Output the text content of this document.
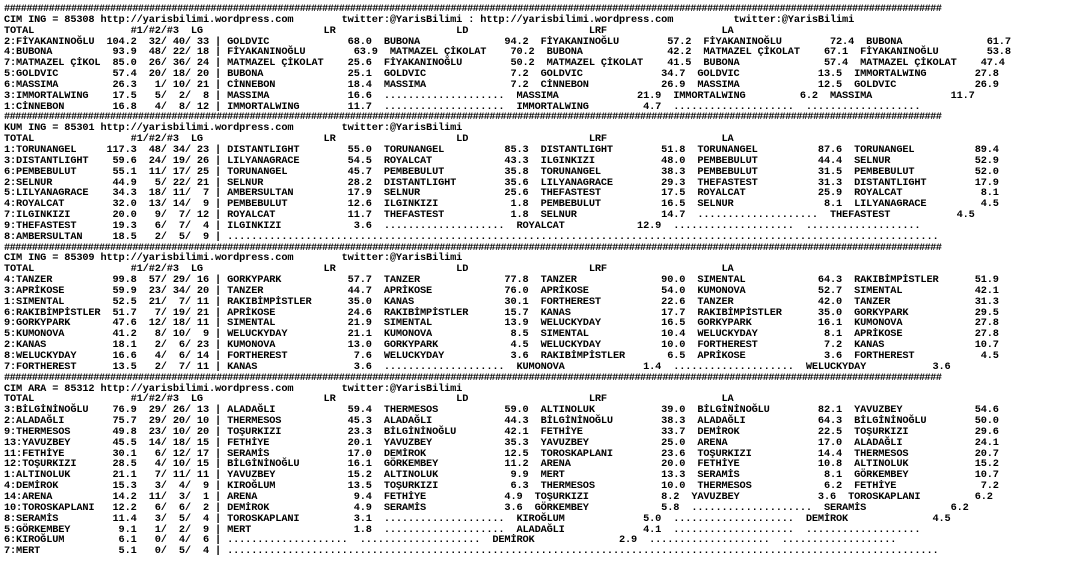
########################################################################################################################################################################
CIM ING = 85308 http://yarisbilimi.wordpress.com        twitter:@YarisBilimi : http://yarisbilimi.wordpress.com          twitter:@YarisBilimi
TOTAL                #1/#2/#3  LG                    LR                    LD                    LRF                   LA
2:FİYAKANINOĞLU  104.2  32/ 40/ 33 | GOLDVIC             68.0  BUBONA              94.2  FİYAKANINOĞLU        57.2  FİYAKANINOĞLU        72.4  BUBONA              61.7
4:BUBONA          93.9  48/ 22/ 18 | FİYAKANINOĞLU        63.9  MATMAZEL ÇİKOLAT    70.2  BUBONA              42.2  MATMAZEL ÇİKOLAT    67.1  FİYAKANINOĞLU        53.8
7:MATMAZEL ÇİKOL  85.0  26/ 36/ 24 | MATMAZEL ÇİKOLAT    25.6  FİYAKANINOĞLU        50.2  MATMAZEL ÇİKOLAT    41.5  BUBONA              57.4  MATMAZEL ÇİKOLAT    47.4
5:GOLDVIC         57.4  20/ 18/ 20 | BUBONA              25.1  GOLDVIC              7.2  GOLDVIC             34.7  GOLDVIC             13.5  IMMORTALWING        27.8
6:MASSIMA         26.3   1/ 10/ 21 | CİNNEBON            18.4  MASSIMA              7.2  CİNNEBON            26.9  MASSIMA             12.5  GOLDVIC             26.9
3:IMMORTALWING    17.5   5/  2/  8 | MASSIMA             16.6  ....................  MASSIMA             21.9  IMMORTALWING         6.2  MASSIMA             11.7
1:CİNNEBON        16.8   4/  8/ 12 | IMMORTALWING        11.7  ....................  IMMORTALWING         4.7  ....................  ...................
########################################################################################################################################################################
KUM ING = 85301 http://yarisbilimi.wordpress.com        twitter:@YarisBilimi
TOTAL                #1/#2/#3  LG                    LR                    LD                    LRF                   LA
1:TORUNANGEL     117.3  48/ 34/ 23 | DISTANTLIGHT        55.0  TORUNANGEL          85.3  DISTANTLIGHT        51.8  TORUNANGEL          87.6  TORUNANGEL          89.4
3:DISTANTLIGHT    59.6  24/ 19/ 26 | LILYANAGRACE        54.5  ROYALCAT            43.3  ILGINKIZI           48.0  PEMBEBULUT          44.4  SELNUR              52.9
6:PEMBEBULUT      55.1  11/ 17/ 25 | TORUNANGEL          45.7  PEMBEBULUT          35.8  TORUNANGEL          38.3  PEMBEBULUT          31.5  PEMBEBULUT          52.0
2:SELNUR          44.9   5/ 22/ 21 | SELNUR              28.2  DISTANTLIGHT        35.6  LILYANAGRACE        29.3  THEFASTEST          31.3  DISTANTLIGHT        17.9
5:LILYANAGRACE    34.3  18/ 11/  7 | AMBERSULTAN         17.9  SELNUR              25.6  THEFASTEST          17.5  ROYALCAT            25.9  ROYALCAT             8.1
4:ROYALCAT        32.0  13/ 14/  9 | PEMBEBULUT          12.6  ILGINKIZI            1.8  PEMBEBULUT          16.5  SELNUR               8.1  LILYANAGRACE         4.5
7:ILGINKIZI       20.0   9/  7/ 12 | ROYALCAT            11.7  THEFASTEST           1.8  SELNUR              14.7  ....................  THEFASTEST           4.5
9:THEFASTEST      19.3   6/  7/  4 | ILGINKIZI            3.6  ....................  ROYALCAT            12.9  ....................  ...................
8:AMBERSULTAN     18.5   2/  5/  9 | ......................................................................................................................
########################################################################################################################################################################
CIM ING = 85309 http://yarisbilimi.wordpress.com        twitter:@YarisBilimi
TOTAL                #1/#2/#3  LG                    LR                    LD                    LRF                   LA
4:TANZER          99.8  57/ 29/ 16 | GORKYPARK           57.7  TANZER              77.8  TANZER              90.0  SIMENTAL            64.3  RAKIBİMPİSTLER      51.9
3:APRİKOSE        59.9  23/ 34/ 20 | TANZER              44.7  APRİKOSE            76.0  APRİKOSE            54.0  KUMONOVA            52.7  SIMENTAL            42.1
1:SIMENTAL        52.5  21/  7/ 11 | RAKIBİMPİSTLER      35.0  KANAS               30.1  FORTHEREST          22.6  TANZER              42.0  TANZER              31.3
6:RAKIBİMPİSTLER  51.7   7/ 19/ 21 | APRİKOSE            24.6  RAKIBİMPİSTLER      15.7  KANAS               17.7  RAKIBİMPİSTLER      35.0  GORKYPARK           29.5
9:GORKYPARK       47.6  12/ 18/ 11 | SIMENTAL            21.9  SIMENTAL            13.9  WELUCKYDAY          16.5  GORKYPARK           16.1  KUMONOVA            27.8
5:KUMONOVA        41.2   8/ 10/  9 | WELUCKYDAY          21.1  KUMONOVA             8.5  SIMENTAL            10.4  WELUCKYDAY           8.1  APRİKOSE            27.8
2:KANAS           18.1   2/  6/ 23 | KUMONOVA            13.0  GORKYPARK            4.5  WELUCKYDAY          10.0  FORTHEREST           7.2  KANAS               10.7
8:WELUCKYDAY      16.6   4/  6/ 14 | FORTHEREST           7.6  WELUCKYDAY           3.6  RAKIBİMPİSTLER       6.5  APRİKOSE             3.6  FORTHEREST           4.5
7:FORTHEREST      13.5   2/  7/ 11 | KANAS                3.6  ....................  KUMONOVA             1.4  ....................  WELUCKYDAY           3.6
########################################################################################################################################################################
CIM ARA = 85312 http://yarisbilimi.wordpress.com        twitter:@YarisBilimi
TOTAL                #1/#2/#3  LG                    LR                    LD                    LRF                   LA
3:BİLGİNİNOĞLU    76.9  29/ 26/ 13 | ALADAĞLI            59.4  THERMESOS           59.0  ALTINOLUK           39.0  BİLGİNİNOĞLU        82.1  YAVUZBEY            54.6
2:ALADAĞLI        75.7  29/ 20/ 10 | THERMESOS           45.3  ALADAĞLI            44.3  BİLGİNİNOĞLU        38.3  ALADAĞLI            64.3  BİLGİNİNOĞLU        50.0
9:THERMESOS       49.8  23/ 10/ 20 | TOŞURKIZI           23.3  BİLGİNİNOĞLU        42.1  FETHİYE             33.7  DEMİROK             22.5  TOŞURKIZI           29.6
13:YAVUZBEY       45.5  14/ 18/ 15 | FETHİYE             20.1  YAVUZBEY            35.3  YAVUZBEY            25.0  ARENA               17.0  ALADAĞLI            24.1
11:FETHİYE        30.1   6/ 12/ 17 | SERAMİS             17.0  DEMİROK             12.5  TOROSKAPLANI        23.6  TOŞURKIZI           14.4  THERMESOS           20.7
12:TOŞURKIZI      28.5   4/ 10/ 15 | BİLGİNİNOĞLU        16.1  GÖRKEMBEY           11.2  ARENA               20.0  FETHİYE             10.8  ALTINOLUK           15.2
1:ALTINOLUK       21.1   7/ 11/ 11 | YAVUZBEY            15.2  ALTINOLUK            9.9  MERT                13.3  SERAMİS              8.1  GÖRKEMBEY           10.7
4:DEMİROK         15.3   3/  4/  9 | KIROĞLUM            13.5  TOŞURKIZI            6.3  THERMESOS           10.0  THERMESOS            6.2  FETHİYE              7.2
14:ARENA          14.2  11/  3/  1 | ARENA                9.4  FETHİYE             4.9  TOŞURKIZI            8.2  YAVUZBEY             3.6  TOROSKAPLANI         6.2
10:TOROSKAPLANI   12.2   6/  6/  2 | DEMİROK              4.9  SERAMİS             3.6  GÖRKEMBEY            5.8  ....................  SERAMİS              6.2
8:SERAMİS         11.4   3/  5/  4 | TOROSKAPLANI         3.1  ....................  KIROĞLUM             5.0  ....................  DEMİROK              4.5
5:GÖRKEMBEY        9.1   1/  2/  9 | MERT                 1.8  ....................  ALADAĞLI             4.1  ....................  ...................
6:KIROĞLUM         6.1   0/  4/  6 | ....................  ....................  DEMİROK              2.9  ....................  ...................
7:MERT             5.1   0/  5/  4 | ......................................................................................................................
